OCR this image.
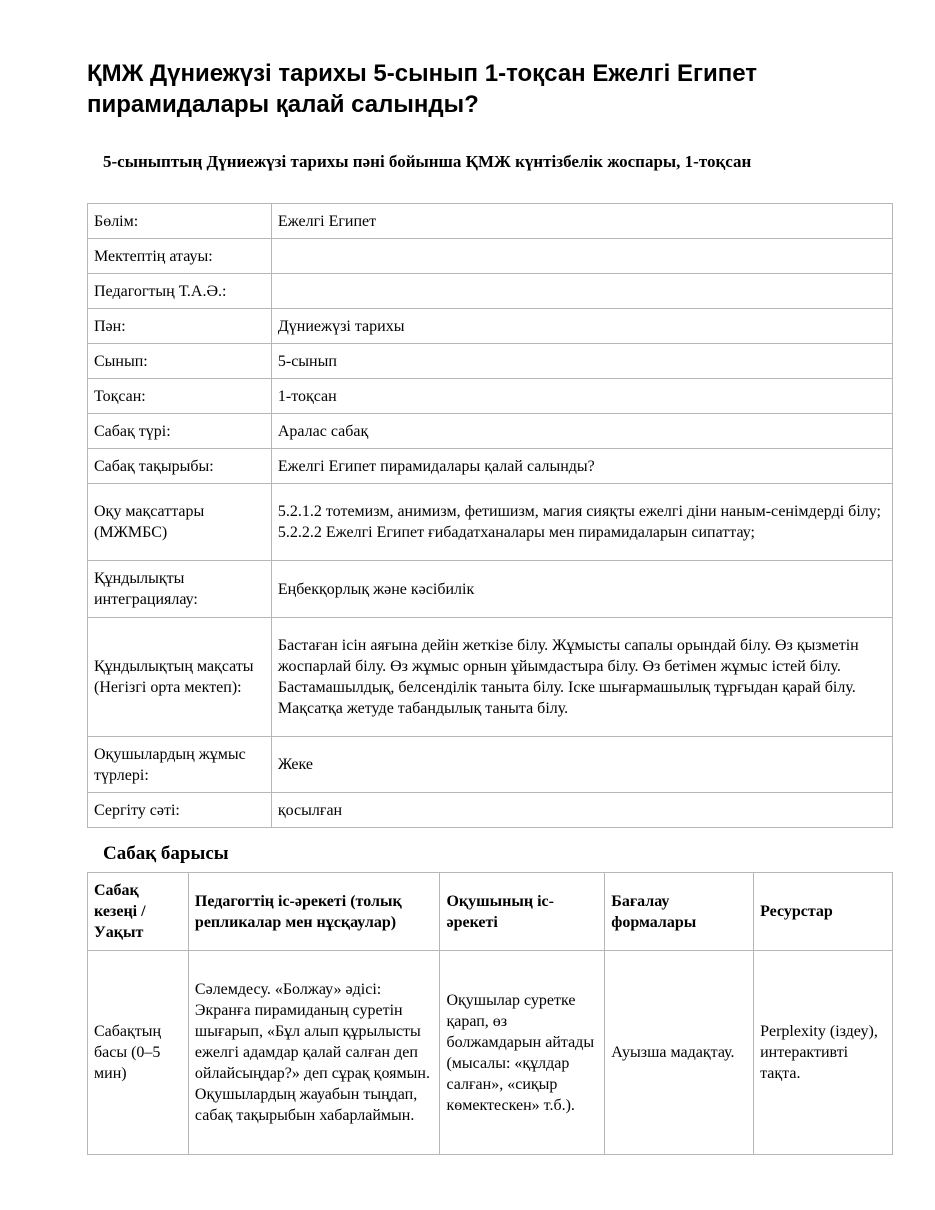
ҚМЖ Дүниежүзі тарихы 5-сынып 1-тоқсан Ежелгі Египет пирамидалары қалай салынды?
5-сыныптың Дүниежүзі тарихы пәні бойынша ҚМЖ күнтізбелік жоспары, 1-тоқсан
Бөлім:	Ежелгі Египет
Мектептің атауы:	
Педагогтың Т.А.Ә.:	
Пән:	Дүниежүзі тарихы
Сынып:	5-сынып
Тоқсан:	1-тоқсан
Сабақ түрі:	Аралас сабақ
Сабақ тақырыбы:	Ежелгі Египет пирамидалары қалай салынды?
Оқу мақсаттары (МЖМБС)	5.2.1.2 тотемизм, анимизм, фетишизм, магия сияқты ежелгі діни наным-сенімдерді білу; 5.2.2.2 Ежелгі Египет ғибадатханалары мен пирамидаларын сипаттау;
Құндылықты интеграциялау:	Еңбекқорлық және кәсібилік
Құндылықтың мақсаты (Негізгі орта мектеп):	Бастаған ісін аяғына дейін жеткізе білу. Жұмысты сапалы орындай білу. Өз қызметін жоспарлай білу. Өз жұмыс орнын ұйымдастыра білу. Өз бетімен жұмыс істей білу. Бастамашылдық, белсенділік таныта білу. Іске шығармашылық тұрғыдан қарай білу. Мақсатқа жетуде табандылық таныта білу.
Оқушылардың жұмыс түрлері:	Жеке
Сергіту сәті:	қосылған
Сабақ барысы
Сабақ кезеңі / Уақыт	Педагогтің іс-әрекеті (толық репликалар мен нұсқаулар)	Оқушының іс-әрекеті	Бағалау формалары	Ресурстар
Сабақтың басы (0–5 мин)	Сәлемдесу. «Болжау» әдісі: Экранға пирамиданың суретін шығарып, «Бұл алып құрылысты ежелгі адамдар қалай салған деп ойлайсыңдар?» деп сұрақ қоямын. Оқушылардың жауабын тыңдап, сабақ тақырыбын хабарлаймын.	Оқушылар суретке қарап, өз болжамдарын айтады (мысалы: «құлдар салған», «сиқыр көмектескен» т.б.).	Ауызша мадақтау.	Perplexity (іздеу), интерактивті тақта.
